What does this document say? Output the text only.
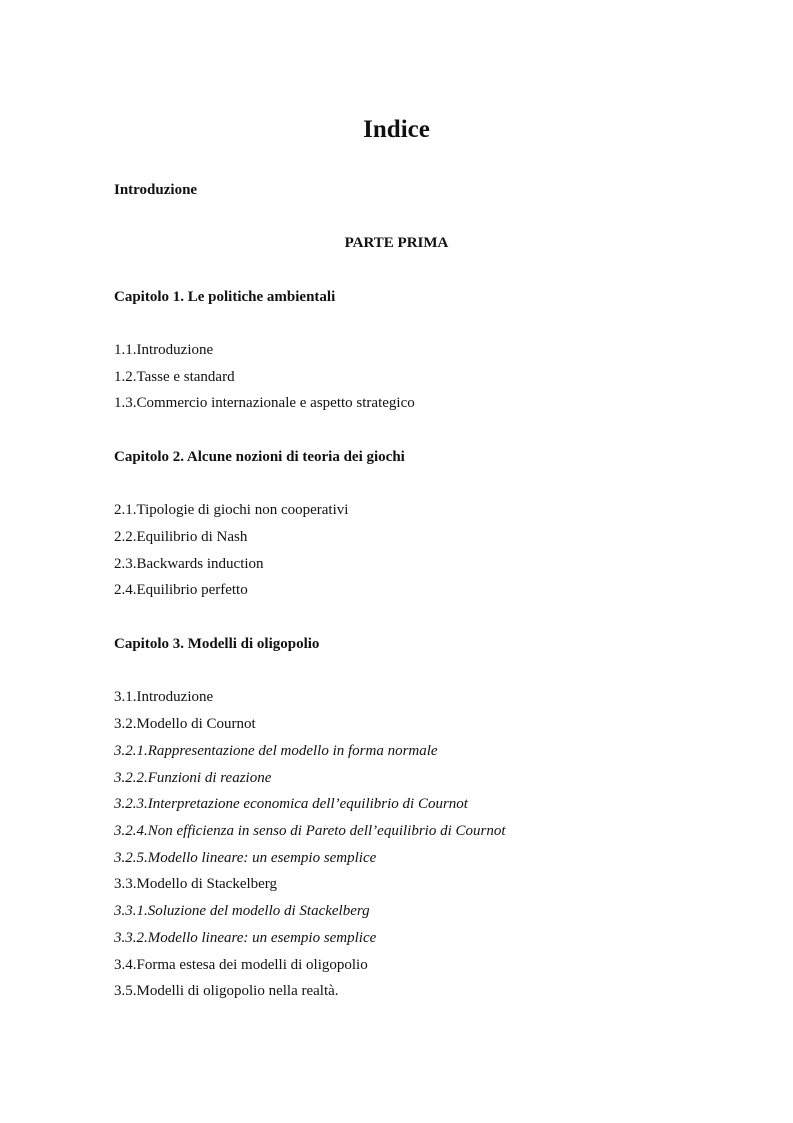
Indice
Introduzione
PARTE PRIMA
Capitolo 1. Le politiche ambientali
1.1.Introduzione
1.2.Tasse e standard
1.3.Commercio internazionale e aspetto strategico
Capitolo 2. Alcune nozioni di teoria dei giochi
2.1.Tipologie di giochi non cooperativi
2.2.Equilibrio di Nash
2.3.Backwards induction
2.4.Equilibrio perfetto
Capitolo 3. Modelli di oligopolio
3.1.Introduzione
3.2.Modello di Cournot
3.2.1.Rappresentazione del modello in forma normale
3.2.2.Funzioni di reazione
3.2.3.Interpretazione economica dell’equilibrio di Cournot
3.2.4.Non efficienza in senso di Pareto dell’equilibrio di Cournot
3.2.5.Modello lineare: un esempio semplice
3.3.Modello di Stackelberg
3.3.1.Soluzione del modello di Stackelberg
3.3.2.Modello lineare: un esempio semplice
3.4.Forma estesa dei modelli di oligopolio
3.5.Modelli di oligopolio nella realtà.
